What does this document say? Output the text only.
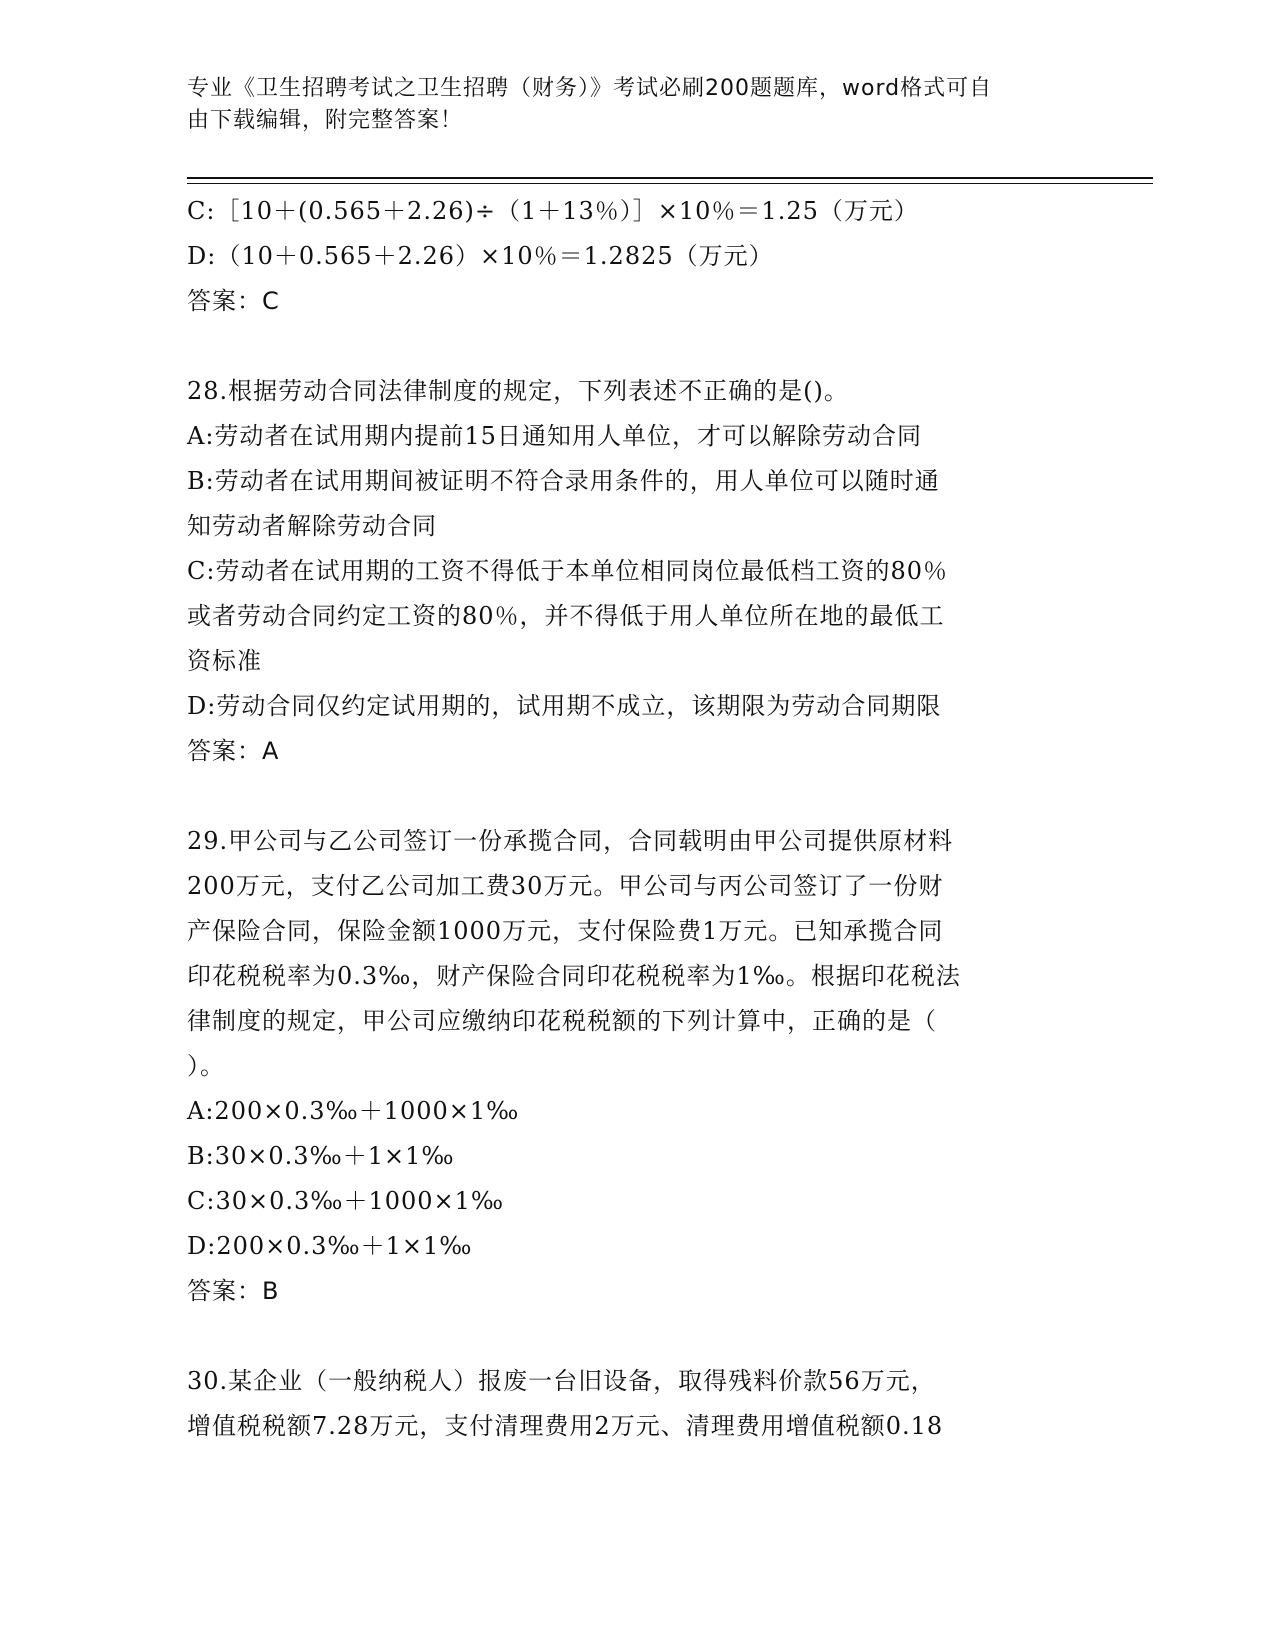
专业《卫生招聘考试之卫生招聘（财务）》考试必刷200题题库，word格式可自
由下载编辑，附完整答案！
C:［10＋(0.565＋2.26)÷（1＋13％）］×10％＝1.25（万元）
D:（10＋0.565＋2.26）×10％＝1.2825（万元）
答案：C
28.根据劳动合同法律制度的规定，下列表述不正确的是()。
A:劳动者在试用期内提前15日通知用人单位，才可以解除劳动合同
B:劳动者在试用期间被证明不符合录用条件的，用人单位可以随时通
知劳动者解除劳动合同
C:劳动者在试用期的工资不得低于本单位相同岗位最低档工资的80％
或者劳动合同约定工资的80％，并不得低于用人单位所在地的最低工
资标准
D:劳动合同仅约定试用期的，试用期不成立，该期限为劳动合同期限
答案：A
29.甲公司与乙公司签订一份承揽合同，合同载明由甲公司提供原材料
200万元，支付乙公司加工费30万元。甲公司与丙公司签订了一份财
产保险合同，保险金额1000万元，支付保险费1万元。已知承揽合同
印花税税率为0.3‰，财产保险合同印花税税率为1‰。根据印花税法
律制度的规定，甲公司应缴纳印花税税额的下列计算中，正确的是（
）。
A:200×0.3‰＋1000×1‰
B:30×0.3‰＋1×1‰
C:30×0.3‰＋1000×1‰
D:200×0.3‰＋1×1‰
答案：B
30.某企业（一般纳税人）报废一台旧设备，取得残料价款56万元，
增值税税额7.28万元，支付清理费用2万元、清理费用增值税额0.18
